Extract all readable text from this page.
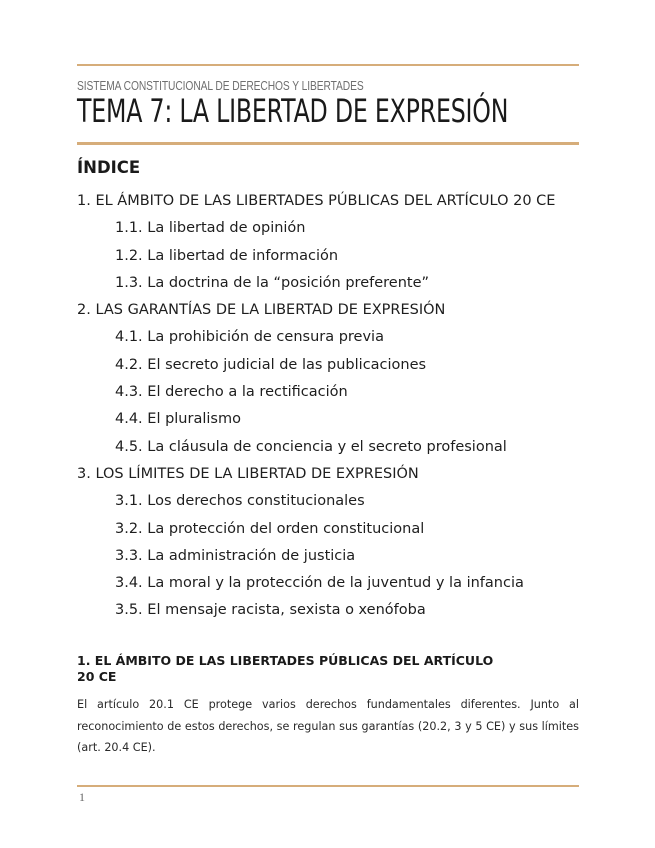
SISTEMA CONSTITUCIONAL DE DERECHOS Y LIBERTADES
TEMA 7: LA LIBERTAD DE EXPRESIÓN
ÍNDICE
1. EL ÁMBITO DE LAS LIBERTADES PÚBLICAS DEL ARTÍCULO 20 CE
1.1. La libertad de opinión
1.2. La libertad de información
1.3. La doctrina de la “posición preferente”
2. LAS GARANTÍAS DE LA LIBERTAD DE EXPRESIÓN
4.1. La prohibición de censura previa
4.2. El secreto judicial de las publicaciones
4.3. El derecho a la rectificación
4.4. El pluralismo
4.5. La cláusula de conciencia y el secreto profesional
3. LOS LÍMITES DE LA LIBERTAD DE EXPRESIÓN
3.1. Los derechos constitucionales
3.2. La protección del orden constitucional
3.3. La administración de justicia
3.4. La moral y la protección de la juventud y la infancia
3.5. El mensaje racista, sexista o xenófoba
1. EL ÁMBITO DE LAS LIBERTADES PÚBLICAS DEL ARTÍCULO
20 CE
El artículo 20.1 CE protege varios derechos fundamentales diferentes. Junto al reconocimiento de estos derechos, se regulan sus garantías (20.2, 3 y 5 CE) y sus límites (art. 20.4 CE).
1
